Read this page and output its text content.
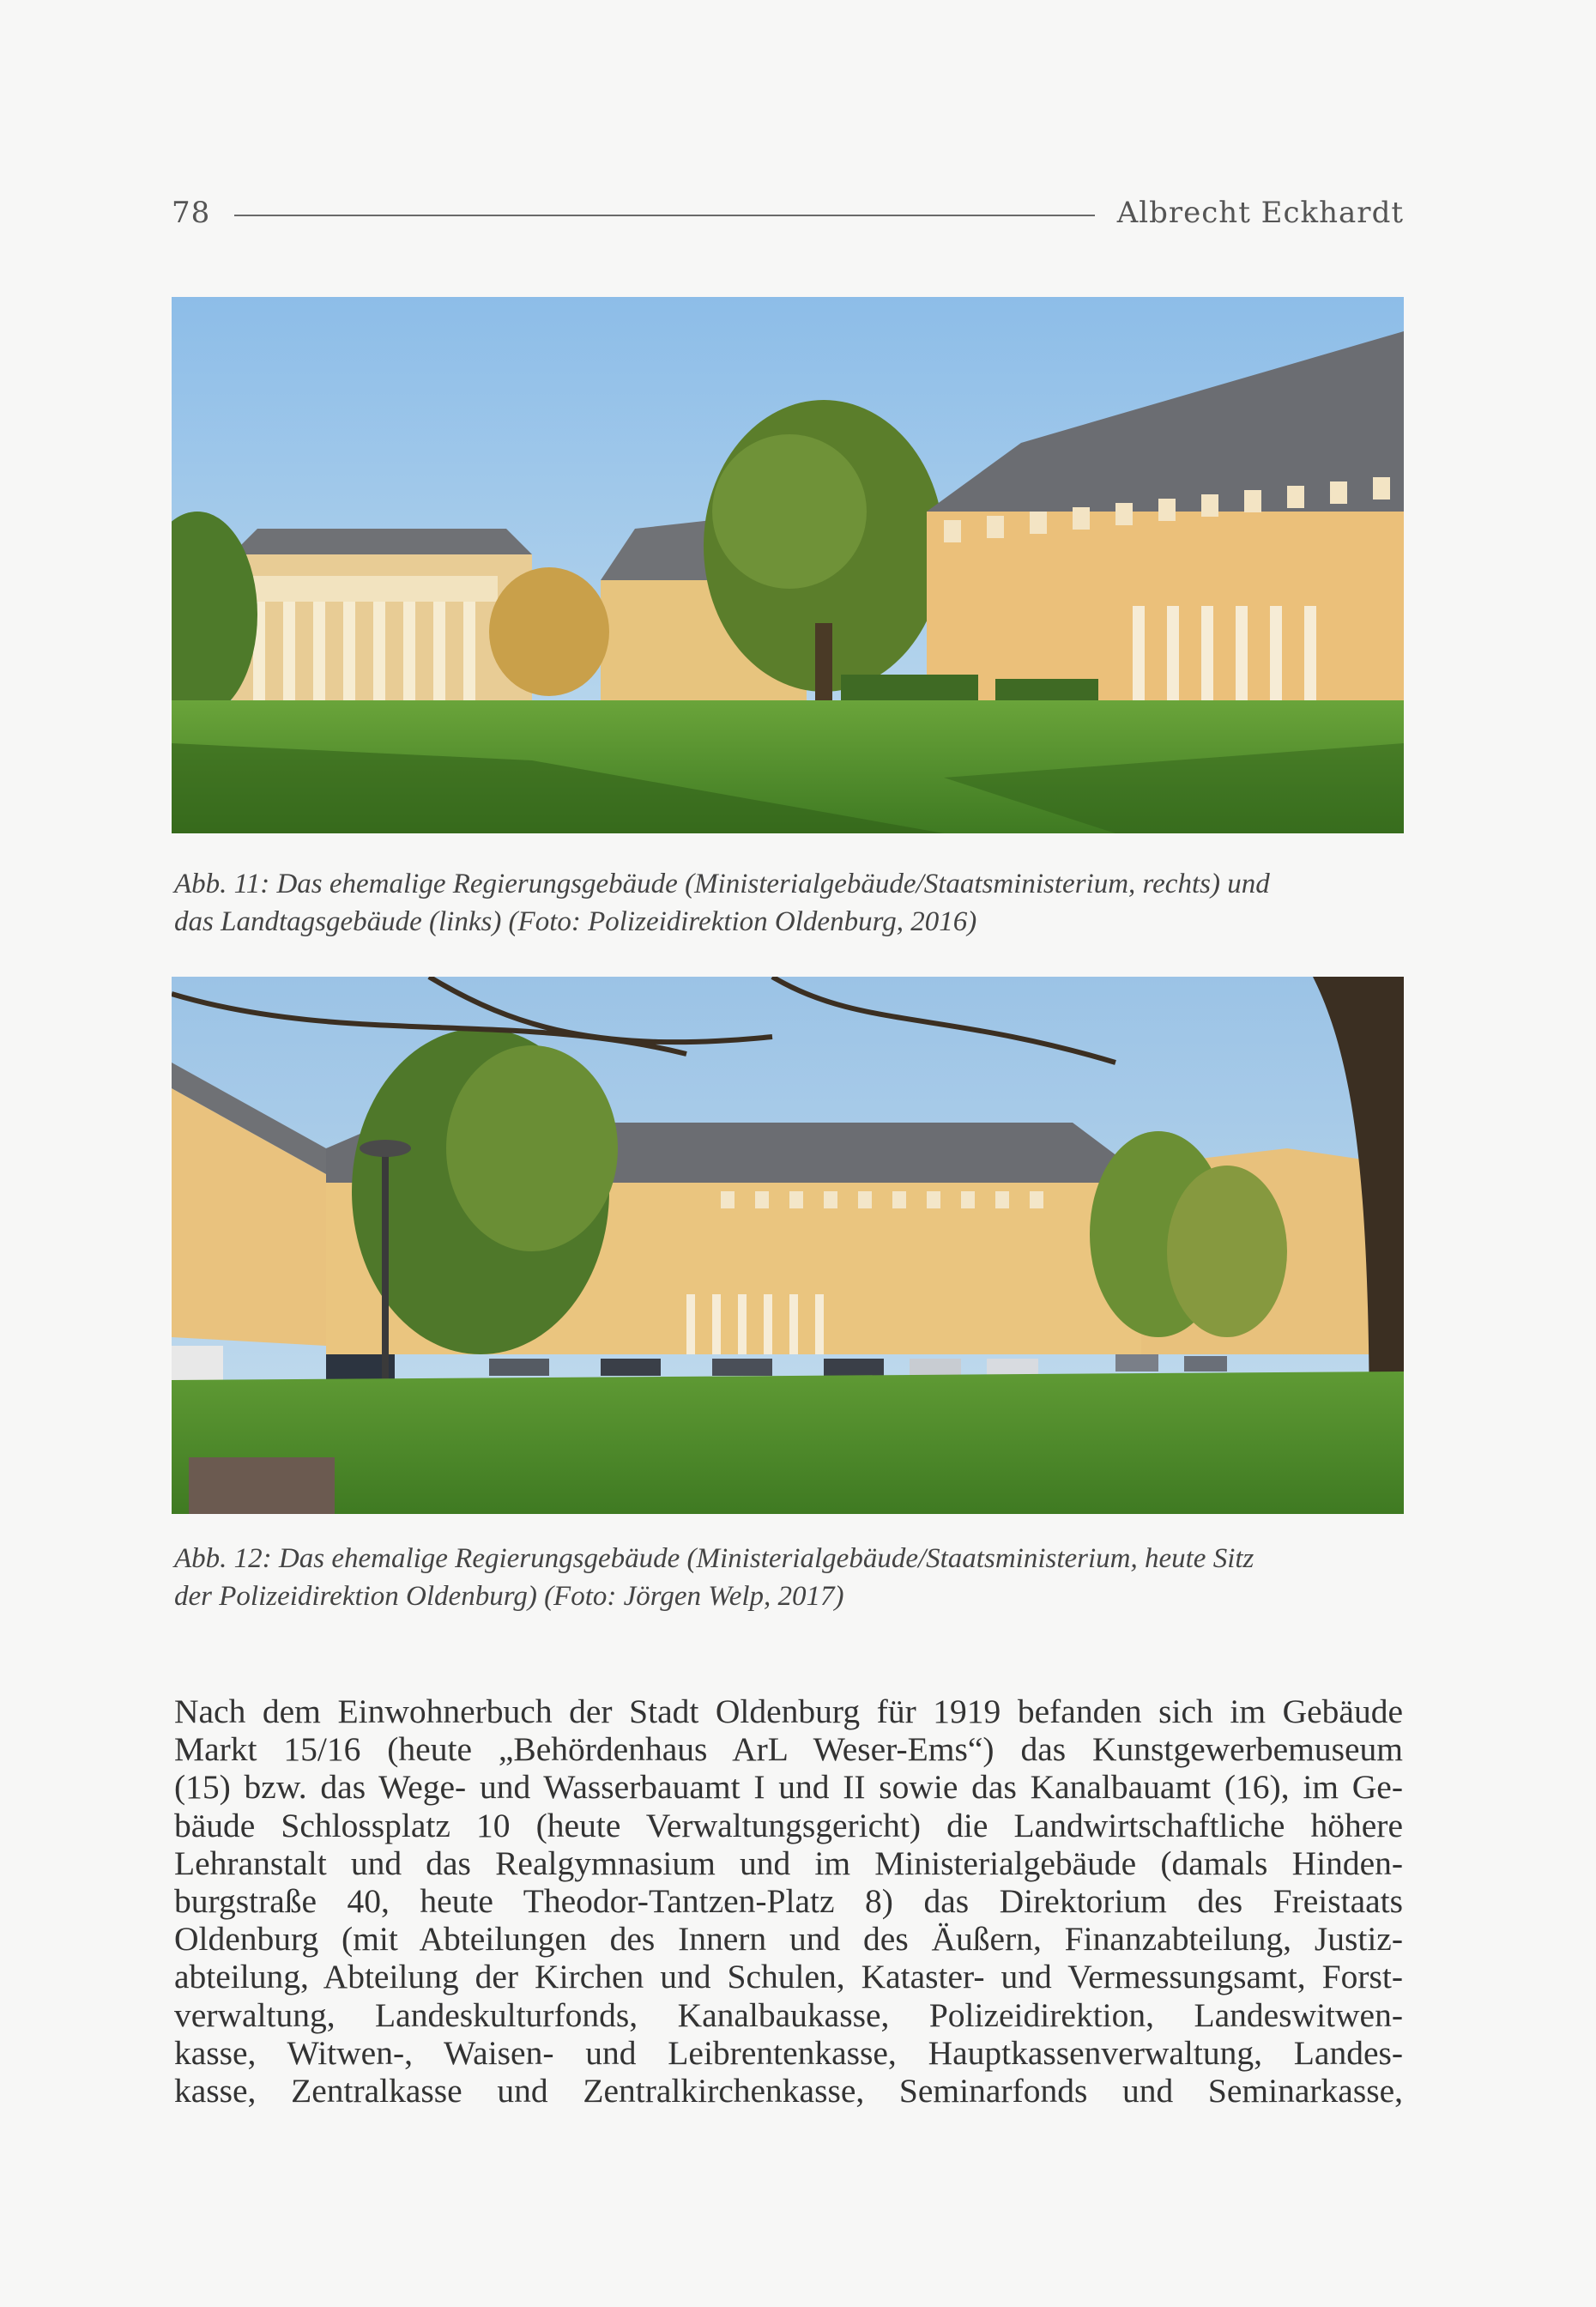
78	Albrecht Eckhardt
Abb. 11: Das ehemalige Regierungsgebäude (Ministerialgebäude/Staatsministerium, rechts) und
das Landtagsgebäude (links) (Foto: Polizeidirektion Oldenburg, 2016)
Abb. 12: Das ehemalige Regierungsgebäude (Ministerialgebäude/Staatsministerium, heute Sitz
der Polizeidirektion Oldenburg) (Foto: Jörgen Welp, 2017)
Nach dem Einwohnerbuch der Stadt Oldenburg für 1919 befanden sich im Gebäude
Markt 15/16 (heute „Behördenhaus ArL Weser-Ems“) das Kunstgewerbemuseum
(15) bzw. das Wege- und Wasserbauamt I und II sowie das Kanalbauamt (16), im Ge-
bäude Schlossplatz 10 (heute Verwaltungsgericht) die Landwirtschaftliche höhere
Lehranstalt und das Realgymnasium und im Ministerialgebäude (damals Hinden-
burgstraße 40, heute Theodor-Tantzen-Platz 8) das Direktorium des Freistaats
Oldenburg (mit Abteilungen des Innern und des Äußern, Finanzabteilung, Justiz-
abteilung, Abteilung der Kirchen und Schulen, Kataster- und Vermessungsamt, Forst-
verwaltung, Landeskulturfonds, Kanalbaukasse, Polizeidirektion, Landeswitwen-
kasse, Witwen-, Waisen- und Leibrentenkasse, Hauptkassenverwaltung, Landes-
kasse, Zentralkasse und Zentralkirchenkasse, Seminarfonds und Seminarkasse,
